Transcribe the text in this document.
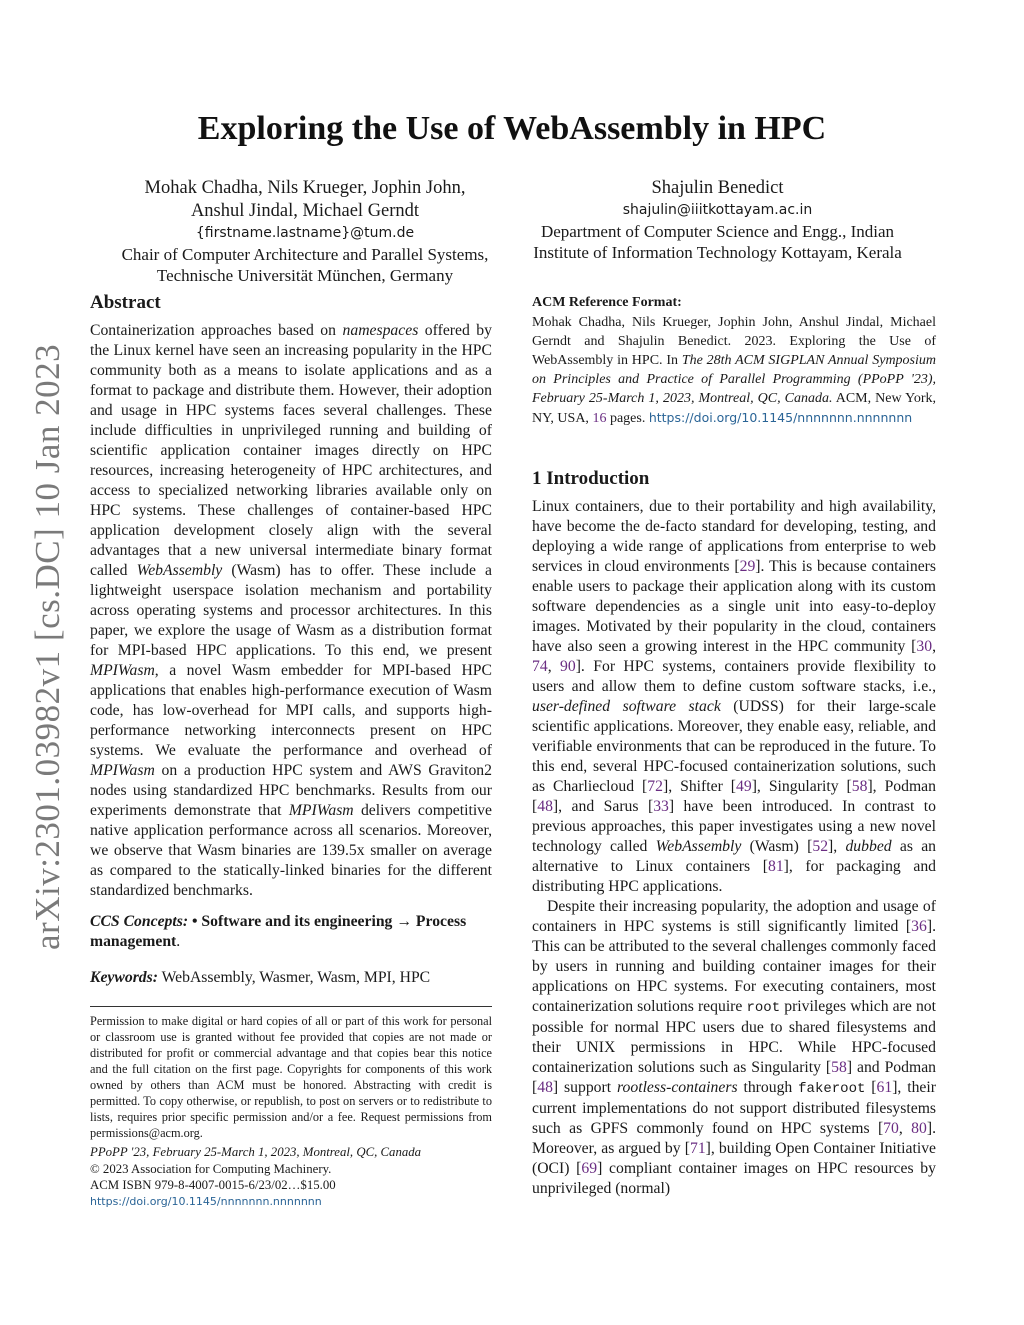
arXiv:2301.03982v1 [cs.DC] 10 Jan 2023
Exploring the Use of WebAssembly in HPC
Mohak Chadha, Nils Krueger, Jophin John,
Anshul Jindal, Michael Gerndt
{firstname.lastname}@tum.de
Chair of Computer Architecture and Parallel Systems,
Technische Universität München, Germany
Shajulin Benedict
shajulin@iiitkottayam.ac.in
Department of Computer Science and Engg., Indian
Institute of Information Technology Kottayam, Kerala
Abstract

Containerization approaches based on namespaces offered by the Linux kernel have seen an increasing popularity in the HPC community both as a means to isolate applications and as a format to package and distribute them. However, their adoption and usage in HPC systems faces several challenges. These include difficulties in unprivileged running and building of scientific application container images directly on HPC resources, increasing heterogeneity of HPC architectures, and access to specialized networking libraries available only on HPC systems. These challenges of container-based HPC application development closely align with the several advantages that a new universal intermediate binary format called WebAssembly (Wasm) has to offer. These include a lightweight userspace isolation mechanism and portability across operating systems and processor architectures. In this paper, we explore the usage of Wasm as a distribution format for MPI-based HPC applications. To this end, we present MPIWasm, a novel Wasm embedder for MPI-based HPC applications that enables high-performance execution of Wasm code, has low-overhead for MPI calls, and supports high-performance networking interconnects present on HPC systems. We evaluate the performance and overhead of MPIWasm on a production HPC system and AWS Graviton2 nodes using standardized HPC benchmarks. Results from our experiments demonstrate that MPIWasm delivers competitive native application performance across all scenarios. Moreover, we observe that Wasm binaries are 139.5x smaller on average as compared to the statically-linked binaries for the different standardized benchmarks.

CCS Concepts: • Software and its engineering → Process management.
Keywords: WebAssembly, Wasmer, Wasm, MPI, HPC
Permission to make digital or hard copies of all or part of this work for personal or classroom use is granted without fee provided that copies are not made or distributed for profit or commercial advantage and that copies bear this notice and the full citation on the first page. Copyrights for components of this work owned by others than ACM must be honored. Abstracting with credit is permitted. To copy otherwise, or republish, to post on servers or to redistribute to lists, requires prior specific permission and/or a fee. Request permissions from permissions@acm.org.
PPoPP '23, February 25-March 1, 2023, Montreal, QC, Canada
© 2023 Association for Computing Machinery.
ACM ISBN 979-8-4007-0015-6/23/02…$15.00
https://doi.org/10.1145/nnnnnnn.nnnnnnn
ACM Reference Format:
Mohak Chadha, Nils Krueger, Jophin John, Anshul Jindal, Michael Gerndt and Shajulin Benedict. 2023. Exploring the Use of WebAssembly in HPC. In The 28th ACM SIGPLAN Annual Symposium on Principles and Practice of Parallel Programming (PPoPP '23), February 25-March 1, 2023, Montreal, QC, Canada. ACM, New York, NY, USA, 16 pages. https://doi.org/10.1145/nnnnnnn.nnnnnnn
1 Introduction

Linux containers, due to their portability and high availability, have become the de-facto standard for developing, testing, and deploying a wide range of applications from enterprise to web services in cloud environments [29]. This is because containers enable users to package their application along with its custom software dependencies as a single unit into easy-to-deploy images. Motivated by their popularity in the cloud, containers have also seen a growing interest in the HPC community [30, 74, 90]. For HPC systems, containers provide flexibility to users and allow them to define custom software stacks, i.e., user-defined software stack (UDSS) for their large-scale scientific applications. Moreover, they enable easy, reliable, and verifiable environments that can be reproduced in the future. To this end, several HPC-focused containerization solutions, such as Charliecloud [72], Shifter [49], Singularity [58], Podman [48], and Sarus [33] have been introduced. In contrast to previous approaches, this paper investigates using a new novel technology called WebAssembly (Wasm) [52], dubbed as an alternative to Linux containers [81], for packaging and distributing HPC applications.

Despite their increasing popularity, the adoption and usage of containers in HPC systems is still significantly limited [36]. This can be attributed to the several challenges commonly faced by users in running and building container images for their applications on HPC systems. For executing containers, most containerization solutions require root privileges which are not possible for normal HPC users due to shared filesystems and their UNIX permissions in HPC. While HPC-focused containerization solutions such as Singularity [58] and Podman [48] support rootless-containers through fakeroot [61], their current implementations do not support distributed filesystems such as GPFS commonly found on HPC systems [70, 80]. Moreover, as argued by [71], building Open Container Initiative (OCI) [69] compliant container images on HPC resources by unprivileged (normal)
